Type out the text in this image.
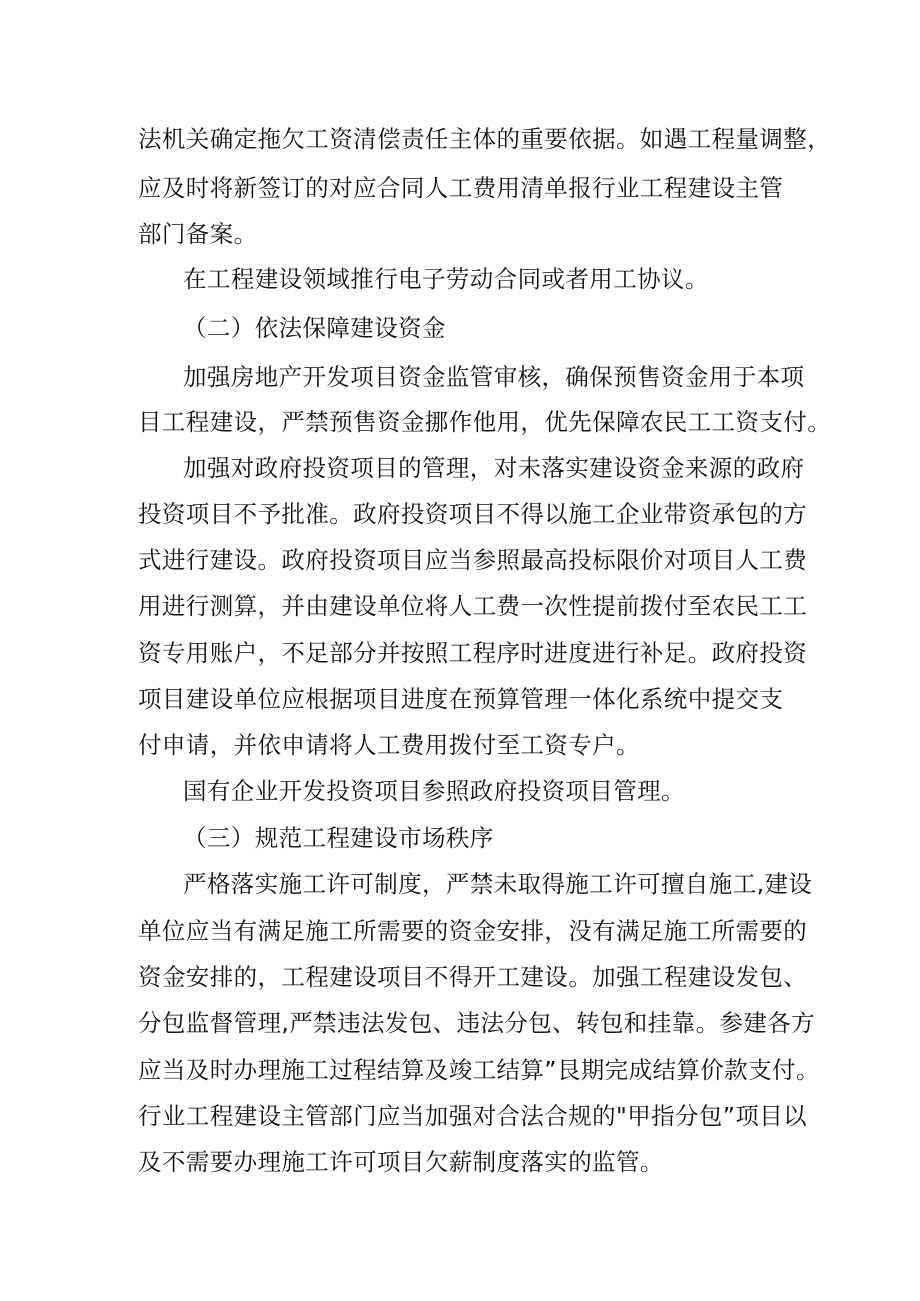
法机关确定拖欠工资清偿责任主体的重要依据。如遇工程量调整，
应及时将新签订的对应合同人工费用清单报行业工程建设主管
部门备案。
在工程建设领域推行电子劳动合同或者用工协议。
（二）依法保障建设资金
加强房地产开发项目资金监管审核，确保预售资金用于本项
目工程建设，严禁预售资金挪作他用，优先保障农民工工资支付。
加强对政府投资项目的管理，对未落实建设资金来源的政府
投资项目不予批准。政府投资项目不得以施工企业带资承包的方
式进行建设。政府投资项目应当参照最高投标限价对项目人工费
用进行测算，并由建设单位将人工费一次性提前拨付至农民工工
资专用账户，不足部分并按照工程序时进度进行补足。政府投资
项目建设单位应根据项目进度在预算管理一体化系统中提交支
付申请，并依申请将人工费用拨付至工资专户。
国有企业开发投资项目参照政府投资项目管理。
（三）规范工程建设市场秩序
严格落实施工许可制度，严禁未取得施工许可擅自施工,建设
单位应当有满足施工所需要的资金安排，没有满足施工所需要的
资金安排的，工程建设项目不得开工建设。加强工程建设发包、
分包监督管理,严禁违法发包、违法分包、转包和挂靠。参建各方
应当及时办理施工过程结算及竣工结算”艮期完成结算价款支付。
行业工程建设主管部门应当加强对合法合规的"甲指分包”项目以
及不需要办理施工许可项目欠薪制度落实的监管。
